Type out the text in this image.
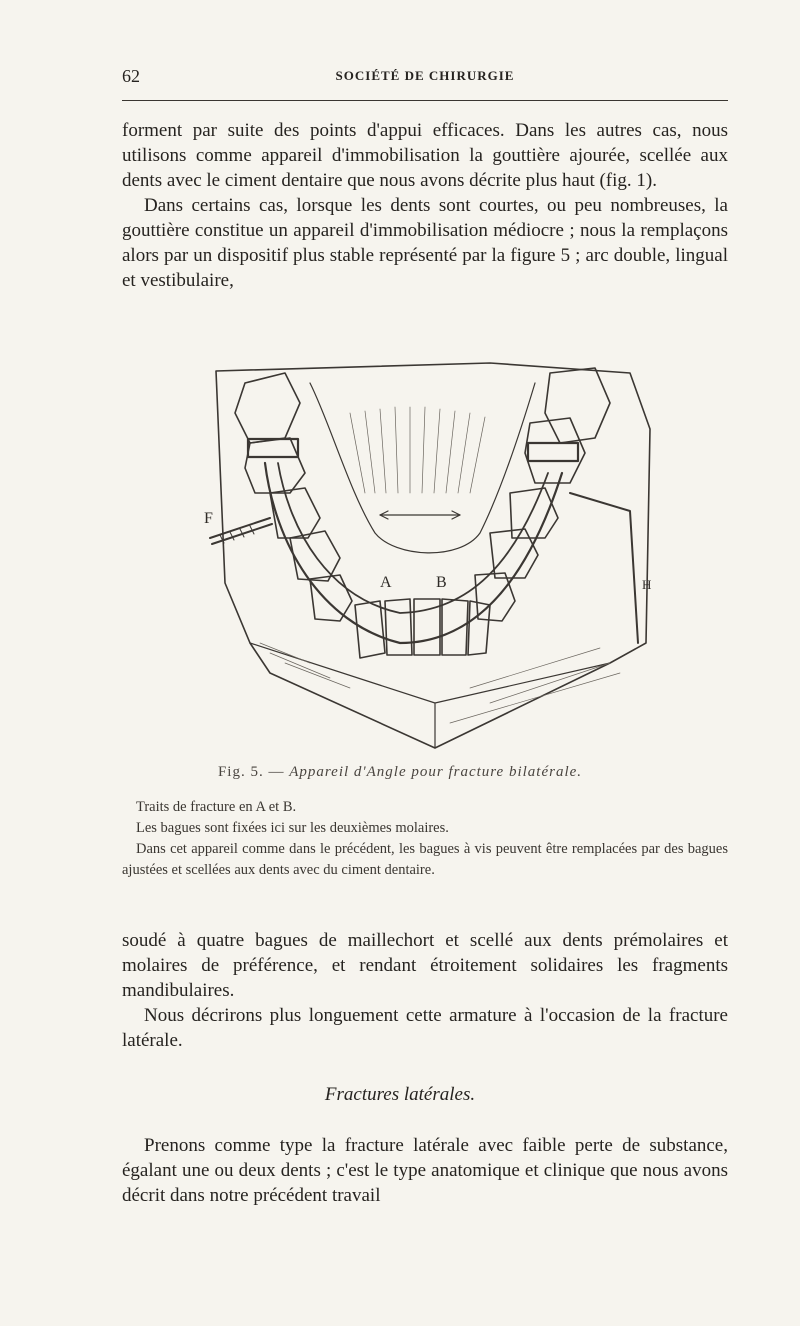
62	SOCIÉTÉ DE CHIRURGIE

forment par suite des points d'appui efficaces. Dans les autres cas, nous utilisons comme appareil d'immobilisation la gouttière ajourée, scellée aux dents avec le ciment dentaire que nous avons décrite plus haut (fig. 1).

Dans certains cas, lorsque les dents sont courtes, ou peu nombreuses, la gouttière constitue un appareil d'immobilisation médiocre ; nous la remplaçons alors par un dispositif plus stable représenté par la figure 5 ; arc double, lingual et vestibulaire,

F
A	B	H
Fig. 5. — Appareil d'Angle pour fracture bilatérale.

Traits de fracture en A et B.

Les bagues sont fixées ici sur les deuxièmes molaires.

Dans cet appareil comme dans le précédent, les bagues à vis peuvent être remplacées par des bagues ajustées et scellées aux dents avec du ciment dentaire.

soudé à quatre bagues de maillechort et scellé aux dents prémolaires et molaires de préférence, et rendant étroitement solidaires les fragments mandibulaires.

Nous décrirons plus longuement cette armature à l'occasion de la fracture latérale.

Fractures latérales.

Prenons comme type la fracture latérale avec faible perte de substance, égalant une ou deux dents ; c'est le type anatomique et clinique que nous avons décrit dans notre précédent travail
